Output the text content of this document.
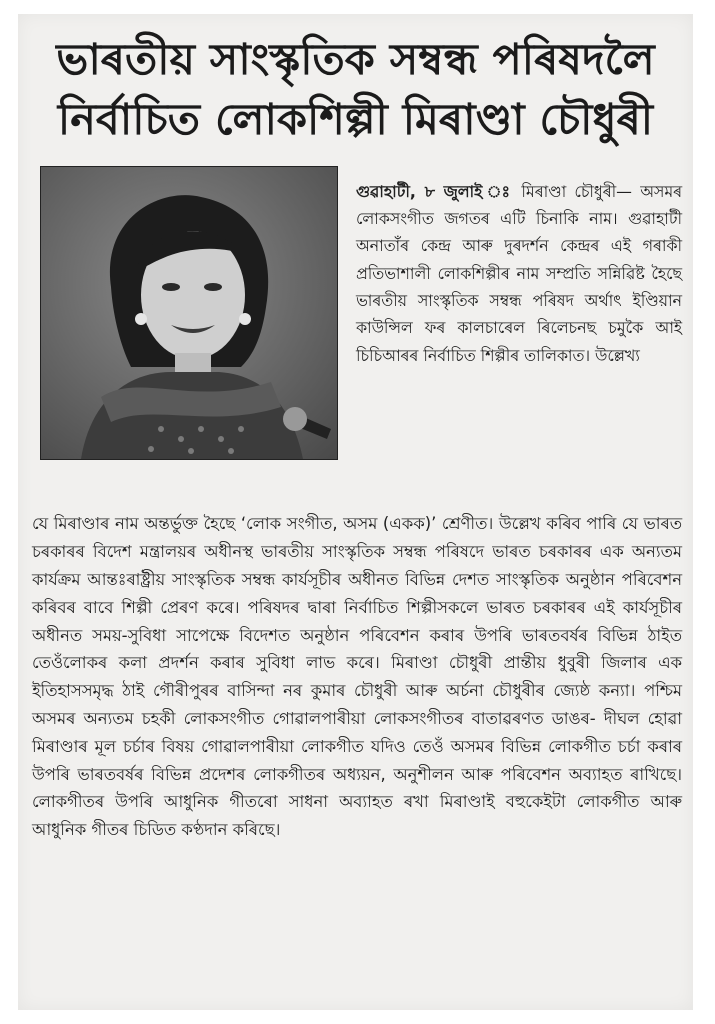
ভাৰতীয় সাংস্কৃতিক সম্বন্ধ পৰিষদলৈ
নিৰ্বাচিত লোকশিল্পী মিৰাণ্ডা চৌধুৰী

গুৱাহাটী, ৮ জুলাই ঃ মিৰাণ্ডা চৌধুৰী— অসমৰ লোকসংগীত জগতৰ এটি চিনাকি নাম। গুৱাহাটী অনাতাঁৰ কেন্দ্ৰ আৰু দুৰদৰ্শন কেন্দ্ৰৰ এই গৰাকী প্ৰতিভাশালী লোকশিল্পীৰ নাম সম্প্ৰতি সন্নিৱিষ্ট হৈছে ভাৰতীয় সাংস্কৃতিক সম্বন্ধ পৰিষদ অৰ্থাৎ ইণ্ডিয়ান কাউন্সিল ফৰ কালচাৰেল ৰিলেচনছ চমুকৈ আই চিচিআৰৰ নিৰ্বাচিত শিল্পীৰ তালিকাত। উল্লেখ্য

যে মিৰাণ্ডাৰ নাম অন্তৰ্ভুক্ত হৈছে ‘লোক সংগীত, অসম (একক)’ শ্ৰেণীত। উল্লেখ কৰিব পাৰি যে ভাৰত চৰকাৰৰ বিদেশ মন্ত্ৰালয়ৰ অধীনস্থ ভাৰতীয় সাংস্কৃতিক সম্বন্ধ পৰিষদে ভাৰত চৰকাৰৰ এক অন্যতম কাৰ্যক্ৰম আন্তঃৰাষ্ট্ৰীয় সাংস্কৃতিক সম্বন্ধ কাৰ্যসূচীৰ অধীনত বিভিন্ন দেশত সাংস্কৃতিক অনুষ্ঠান পৰিবেশন কৰিবৰ বাবে শিল্পী প্ৰেৰণ কৰে। পৰিষদৰ দ্বাৰা নিৰ্বাচিত শিল্পীসকলে ভাৰত চৰকাৰৰ এই কাৰ্যসূচীৰ অধীনত সময়-সুবিধা সাপেক্ষে বিদেশত অনুষ্ঠান পৰিবেশন কৰাৰ উপৰি ভাৰতবৰ্ষৰ বিভিন্ন ঠাইত তেওঁলোকৰ কলা প্ৰদৰ্শন কৰাৰ সুবিধা লাভ কৰে। মিৰাণ্ডা চৌধুৰী প্ৰান্তীয় ধুবুৰী জিলাৰ এক ইতিহাসসমৃদ্ধ ঠাই গৌৰীপুৰৰ বাসিন্দা নৰ কুমাৰ চৌধুৰী আৰু অৰ্চনা চৌধুৰীৰ জ্যেষ্ঠ কন্যা। পশ্চিম অসমৰ অন্যতম চহকী লোকসংগীত গোৱালপাৰীয়া লোকসংগীতৰ বাতাৱৰণত ডাঙৰ- দীঘল হোৱা মিৰাণ্ডাৰ মূল চৰ্চাৰ বিষয় গোৱালপাৰীয়া লোকগীত যদিও তেওঁ অসমৰ বিভিন্ন লোকগীত চৰ্চা কৰাৰ উপৰি ভাৰতবৰ্ষৰ বিভিন্ন প্ৰদেশৰ লোকগীতৰ অধ্যয়ন, অনুশীলন আৰু পৰিবেশন অব্যাহত ৰাখিছে। লোকগীতৰ উপৰি আধুনিক গীতৰো সাধনা অব্যাহত ৰখা মিৰাণ্ডাই বহুকেইটা লোকগীত আৰু আধুনিক গীতৰ চিডিত কণ্ঠদান কৰিছে।
